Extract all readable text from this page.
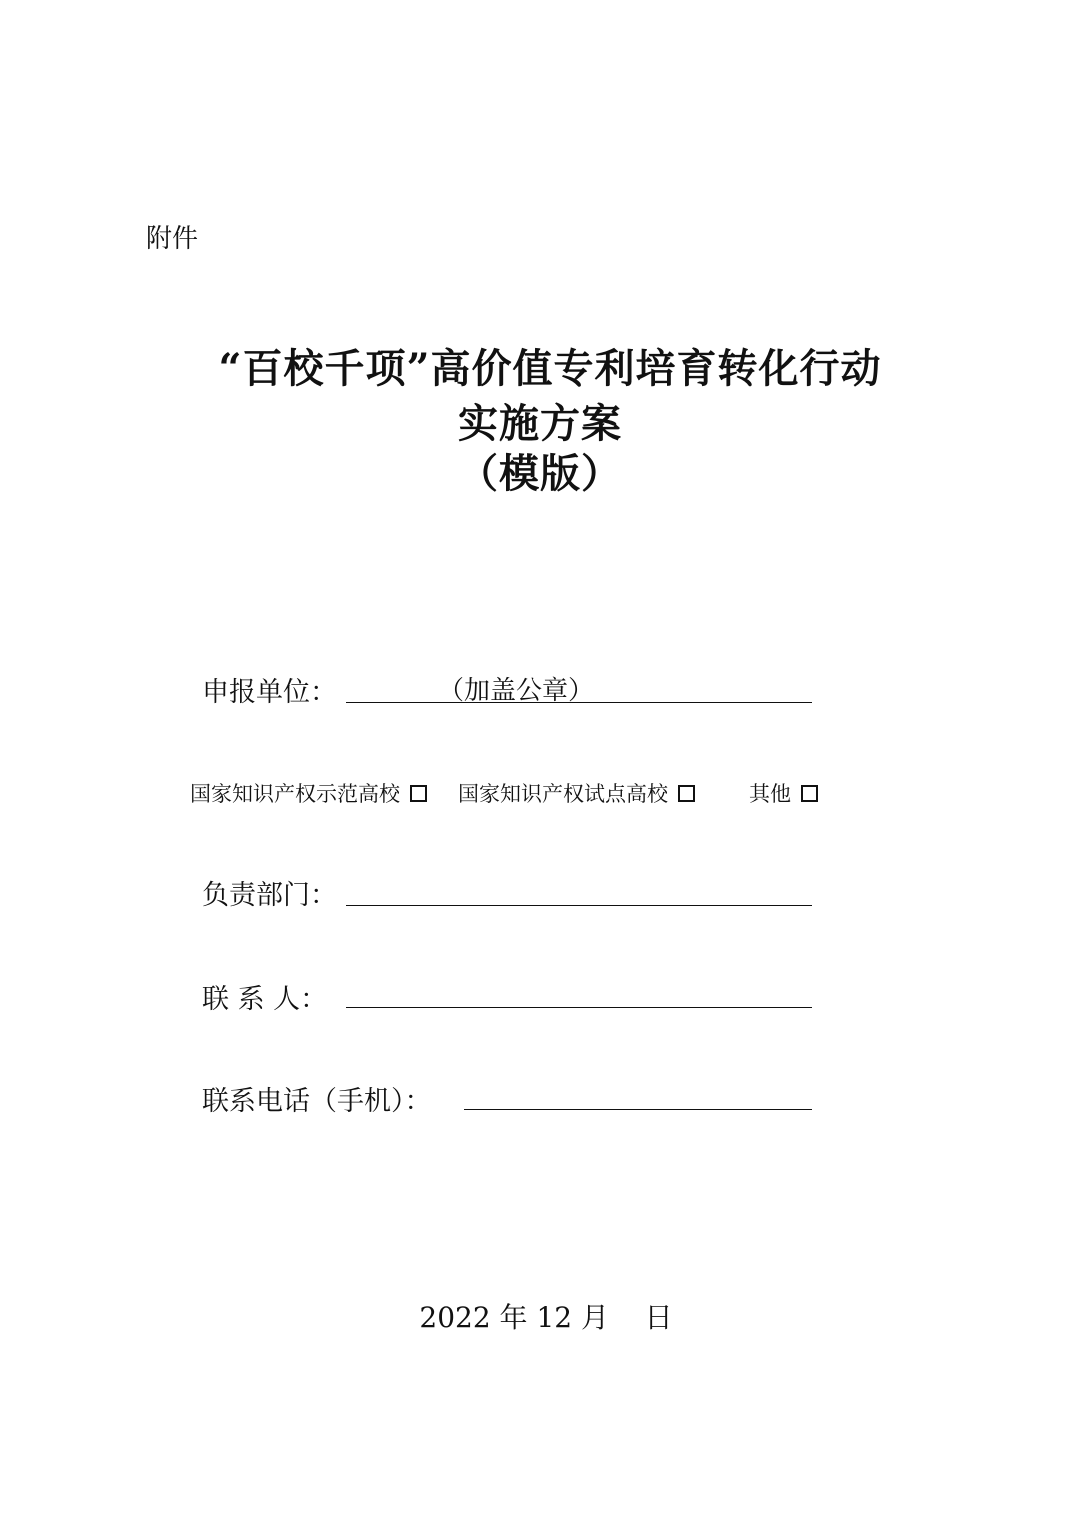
附件
“百校千项”高价值专利培育转化行动
实施方案
（模版）
申报单位：	（加盖公章）
国家知识产权示范高校	国家知识产权试点高校	其他
负责部门：
联 系 人：
联系电话（手机）：
2022 年 12 月    日
